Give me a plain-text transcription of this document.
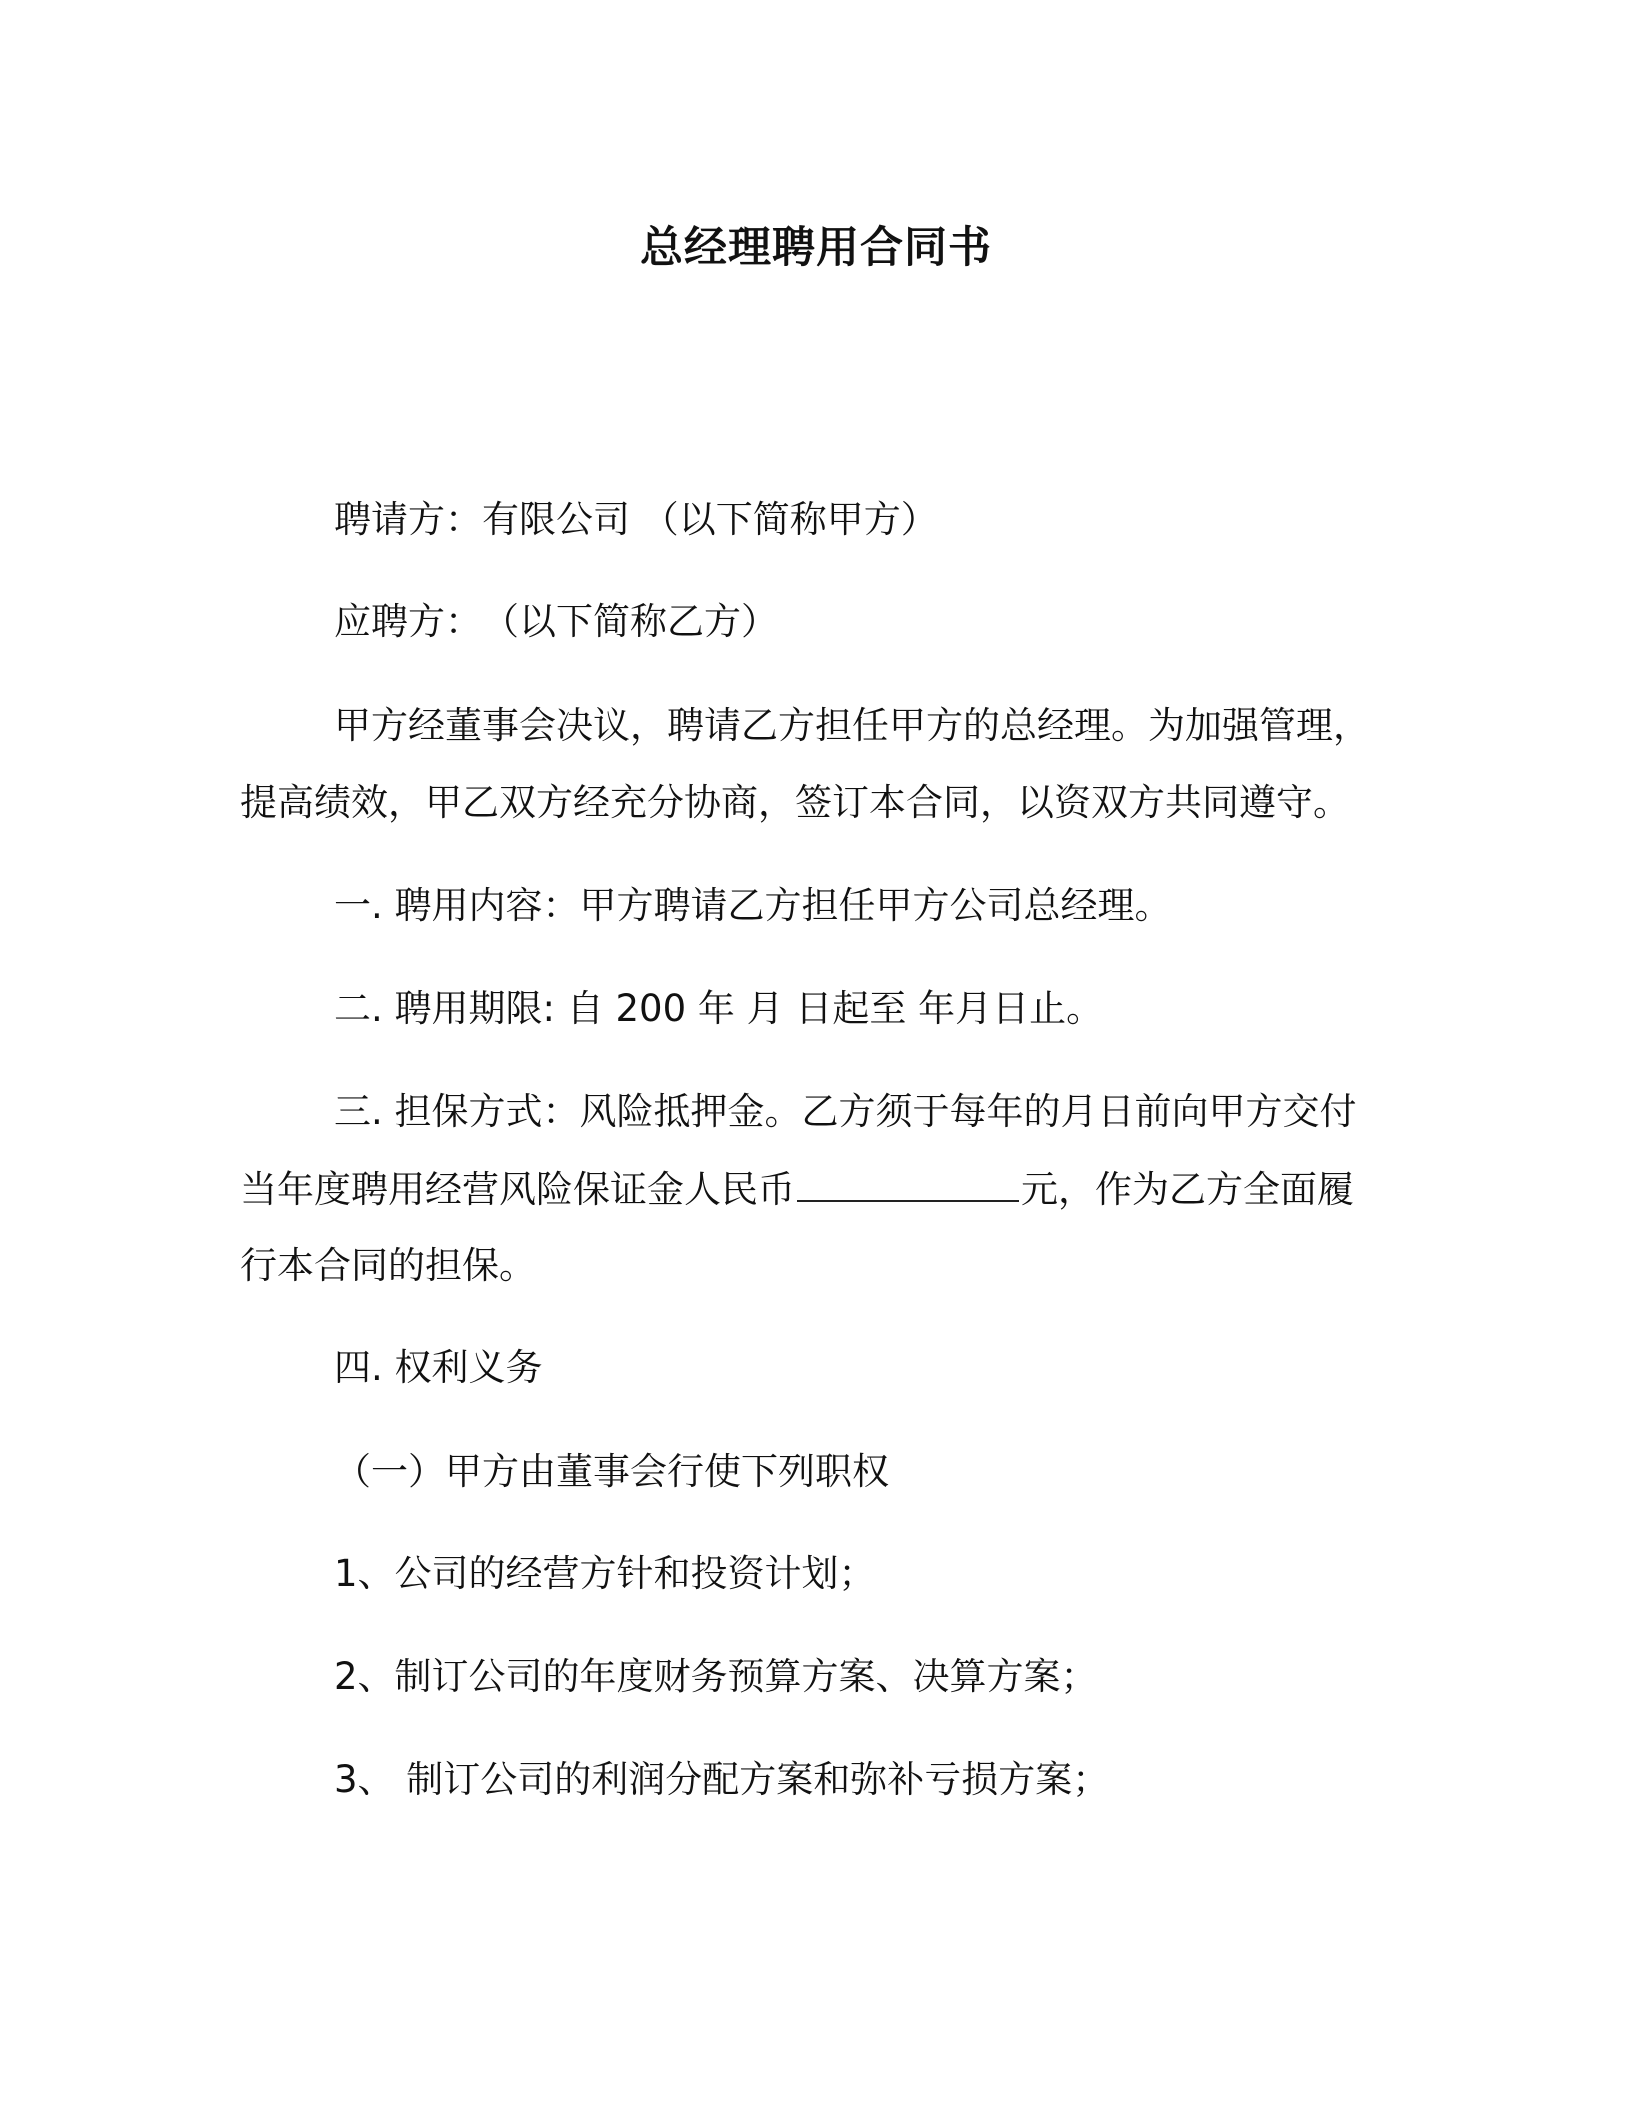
总经理聘用合同书
聘请方：有限公司 （以下简称甲方）
应聘方：　（以下简称乙方）
甲方经董事会决议，聘请乙方担任甲方的总经理。为加强管理，
提高绩效，甲乙双方经充分协商，签订本合同，以资双方共同遵守。
一. 聘用内容：甲方聘请乙方担任甲方公司总经理。
二. 聘用期限: 自 200 年 月 日起至 年月日止。
三. 担保方式：风险抵押金。乙方须于每年的月日前向甲方交付
当年度聘用经营风险保证金人民币	元，作为乙方全面履
行本合同的担保。
四. 权利义务
（一）甲方由董事会行使下列职权
1、公司的经营方针和投资计划；
2、制订公司的年度财务预算方案、决算方案；
3、 制订公司的利润分配方案和弥补亏损方案；
